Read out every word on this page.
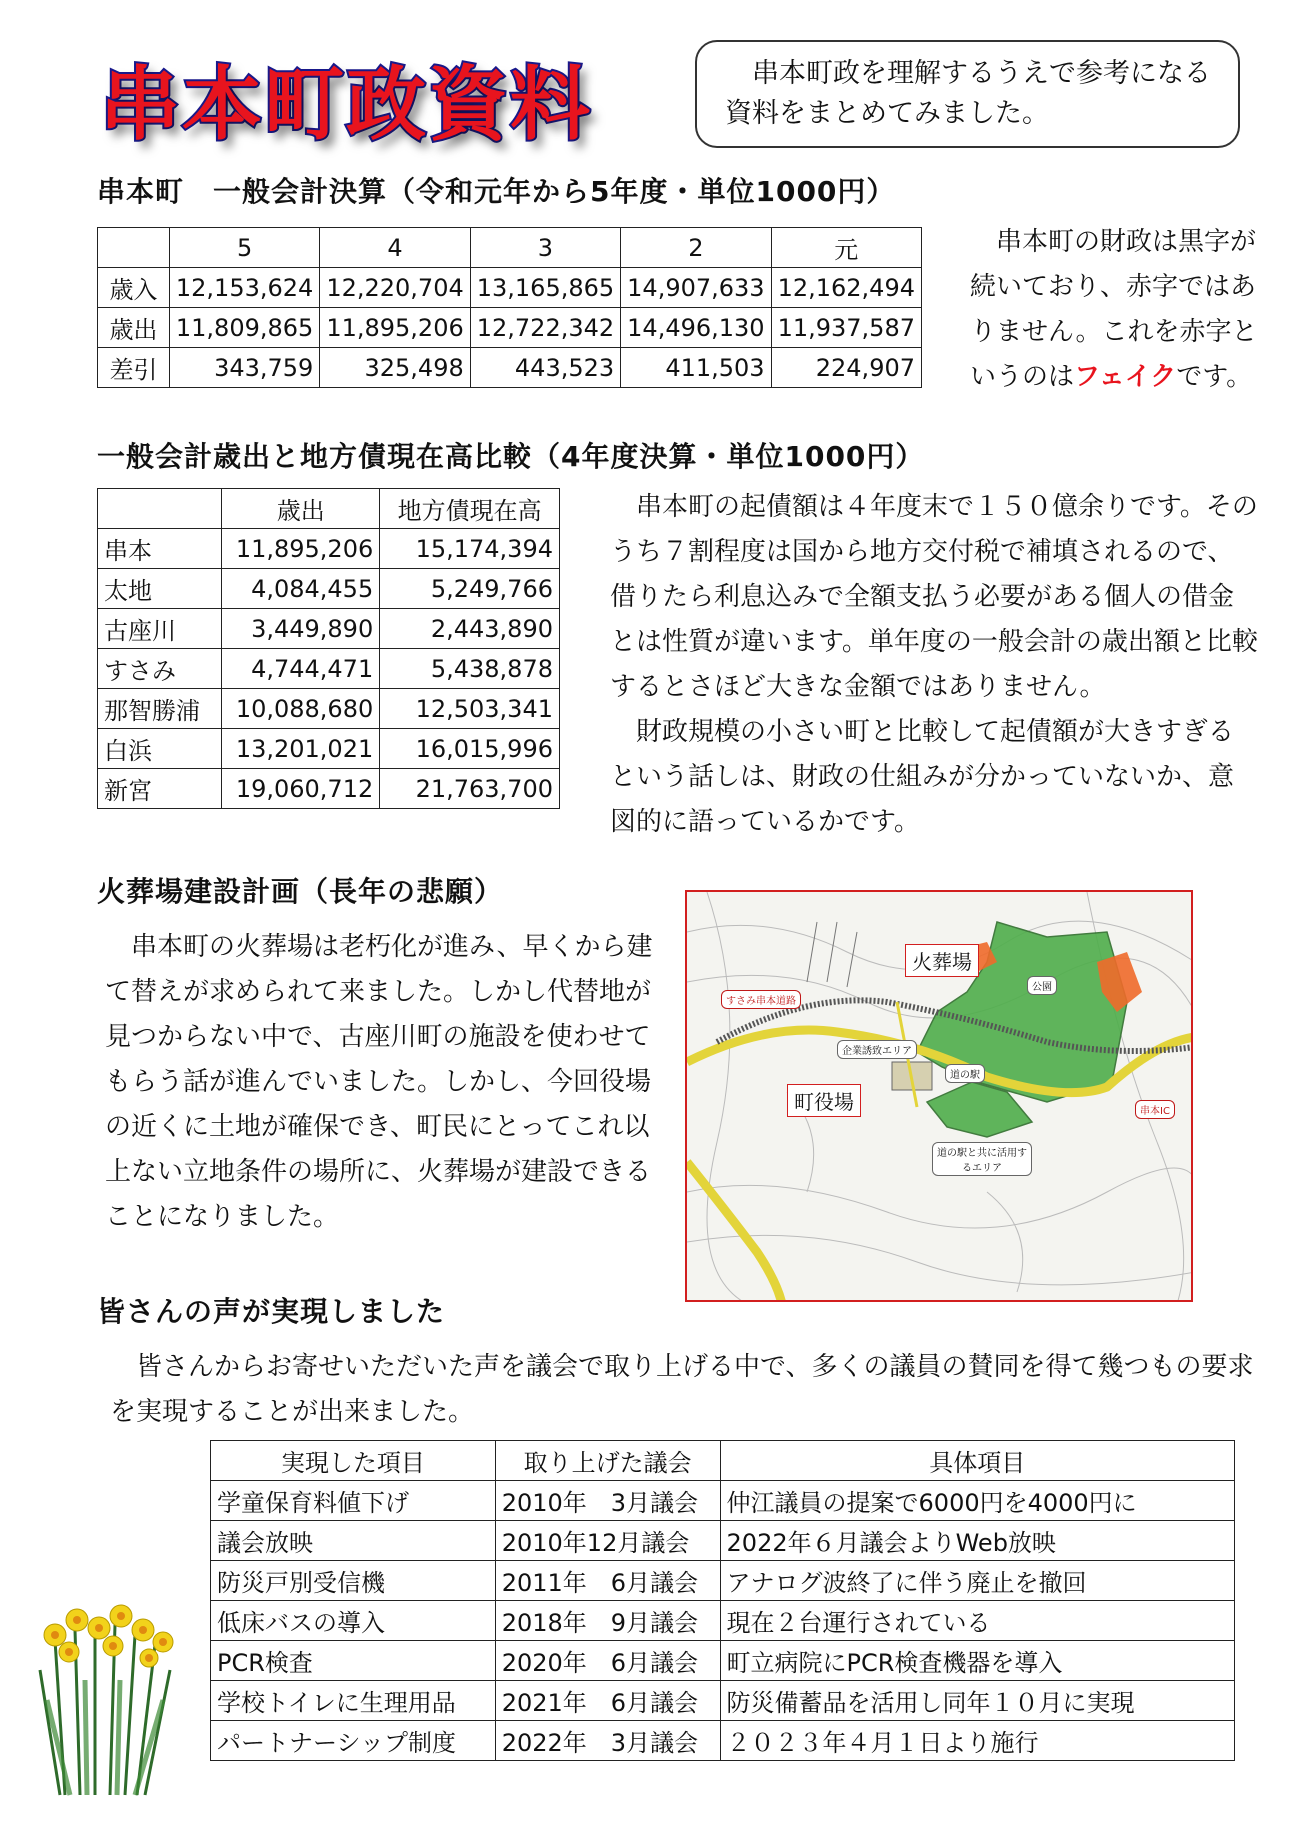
串本町政資料	　串本町政を理解するうえで参考になる資料をまとめてみました。
串本町　一般会計決算（令和元年から5年度・単位1000円）
	5	4	3	2	元
歳入	12,153,624	12,220,704	13,165,865	14,907,633	12,162,494
歳出	11,809,865	11,895,206	12,722,342	14,496,130	11,937,587
差引	343,759	325,498	443,523	411,503	224,907
　串本町の財政は黒字が続いており、赤字ではありません。これを赤字というのはフェイクです。
一般会計歳出と地方債現在高比較（4年度決算・単位1000円）
	歳出	地方債現在高
串本	11,895,206	15,174,394
太地	4,084,455	5,249,766
古座川	3,449,890	2,443,890
すさみ	4,744,471	5,438,878
那智勝浦	10,088,680	12,503,341
白浜	13,201,021	16,015,996
新宮	19,060,712	21,763,700
　串本町の起債額は４年度末で１５０億余りです。そのうち７割程度は国から地方交付税で補填されるので、借りたら利息込みで全額支払う必要がある個人の借金とは性質が違います。単年度の一般会計の歳出額と比較するとさほど大きな金額ではありません。
　財政規模の小さい町と比較して起債額が大きすぎるという話しは、財政の仕組みが分かっていないか、意図的に語っているかです。
火葬場建設計画（長年の悲願）
　串本町の火葬場は老朽化が進み、早くから建て替えが求められて来ました。しかし代替地が見つからない中で、古座川町の施設を使わせてもらう話が進んでいました。しかし、今回役場の近くに土地が確保でき、町民にとってこれ以上ない立地条件の場所に、火葬場が建設できることになりました。
火葬場
町役場
すさみ串本道路
公園
企業誘致エリア
道の駅
道の駅と共に活用するエリア
串本IC
皆さんの声が実現しました
　皆さんからお寄せいただいた声を議会で取り上げる中で、多くの議員の賛同を得て幾つもの要求を実現することが出来ました。
実現した項目	取り上げた議会	具体項目
学童保育料値下げ	2010年　3月議会	仲江議員の提案で6000円を4000円に
議会放映	2010年12月議会	2022年６月議会よりWeb放映
防災戸別受信機	2011年　6月議会	アナログ波終了に伴う廃止を撤回
低床バスの導入	2018年　9月議会	現在２台運行されている
PCR検査	2020年　6月議会	町立病院にPCR検査機器を導入
学校トイレに生理用品	2021年　6月議会	防災備蓄品を活用し同年１０月に実現
パートナーシップ制度	2022年　3月議会	２０２３年４月１日より施行
